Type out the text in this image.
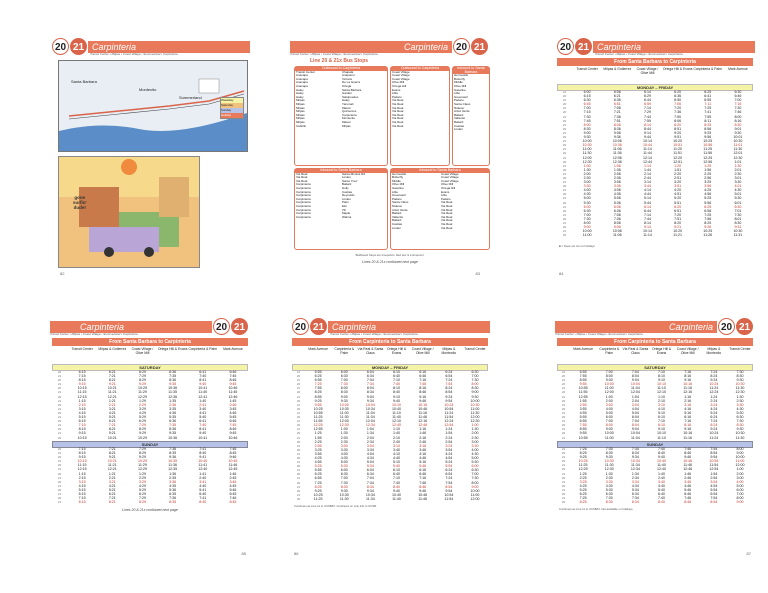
20 21 Carpinteria
Transit Center • Milpas • Coast Village • Summerland • Carpinteria
Santa Barbara
Montecito
Summerland	Weekday
Saturday
Sunday
Holiday
gone
surfin'
dude!
82
Carpinteria
Transit Center • Milpas • Coast Village • Summerland • Carpinteria
20 21
Line 20 & 21x Bus Stops
Outbound to Carpinteria
Transit Center
Anacapa
Anacapa
Anacapa
Anacapa
Haley
Haley
Haley
Milpas
Milpas
Milpas
Milpas
Milpas
Milpas
Milpas
Cabrillo
Chapala
Anapamu
Victoria
De La Guerra
Ortega
Santa Barbara
Garden
Salsipuedes
Haley
Yanonali
Mason
Quinientos
Carpinteria
Montecito
Mason
Milpas
Outbound to Carpinteria
Coast Village
Coast Village
Coast Village
Olive Mill
Ortega Hill
Evans
Lillie
Padaro
Via Real
Via Real
Via Real
Via Real
Via Real
Via Real
Via Real
Via Real
Inbound to Santa Barbara
Hermosillo
Butterfly
Middle
Olive Mill
Gasoline
Lillie
Greenwell
Padaro
Santa Claus
Nidever
Arbol Verde
Bailard
Vallecito
Bailard
Casitas
Linden
Inbound to Santa Barbara
Via Real
Via Real
Via Real
Carpinteria
Carpinteria
Carpinteria
Carpinteria
Carpinteria
Carpinteria
Carpinteria
Carpinteria
Carpinteria
Carpinteria
Santa Monica Rd
Linden
Santa Ynez
Bailard
Holly
Casitas
Reynolds
Linden
Palm
Elm
7th
Maple
Walnut
Inbound to Santa Barbara
Hermosillo
Butterfly
Middle
Olive Mill
Gasoline
Lillie
Greenwell
Padaro
Santa Claus
Nidever
Arbol Verde
Bailard
Vallecito
Bailard
Casitas
Linden
Coast Village
Coast Village
Coast Village
Olive Mill
Ortega Hill
Evans
Lillie
Padaro
Via Real
Via Real
Via Real
Via Real
Via Real
Via Real
Via Real
Via Real
Boldfaced Stops are timepoints. Red text is a timepoint.
Lines 20 & 21x continued next page
83
20 21 Carpinteria
Transit Center • Milpas • Coast Village • Summerland • Carpinteria
From Santa Barbara to Carpinteria
Transit Center	Milpas & Gutierrez	Coast Village / Olive Mill
Ortega Hill & Evans Carpinteria & Palm	Mark Avenue
MONDAY – FRIDAY
21	6:00	6:06	6:14	6:20	6:25	6:30
20	6:15	6:21	6:29	6:36	6:41	6:46
21	6:30	6:36	6:44	6:50	6:55	7:00
20	6:45	6:51	6:59	7:06	7:11	7:16
21	7:00	7:06	7:14	7:20	7:25	7:30
20	7:15	7:21	7:29	7:36	7:41	7:46
21	7:30	7:36	7:44	7:50	7:55	8:00
20	7:45	7:51	7:59	8:06	8:11	8:16
21	8:00	8:06	8:14	8:20	8:25	8:30
20	8:30	8:36	8:44	8:51	8:56	9:01
21	9:00	9:06	9:14	9:20	9:25	9:30
20	9:30	9:36	9:44	9:51	9:56	10:01
21	10:00	10:06	10:14	10:20	10:25	10:30
20	10:30	10:36	10:44	10:51	10:56	11:01
21	11:00	11:06	11:14	11:20	11:25	11:30
20	11:30	11:36	11:44	11:51	11:56	12:01
21	12:00	12:06	12:14	12:20	12:25	12:30
20	12:30	12:36	12:44	12:51	12:56	1:01
21	1:00	1:06	1:14	1:20	1:25	1:30
20	1:30	1:36	1:44	1:51	1:56	2:01
21	2:00	2:06	2:14	2:20	2:25	2:30
20	2:30	2:36	2:44	2:51	2:56	3:01
21	3:00	3:06	3:14	3:20	3:25	3:30
20	3:30	3:36	3:44	3:51	3:56	4:01
21	4:00	4:06	4:14	4:20	4:25	4:30
20	4:30	4:36	4:44	4:51	4:56	5:01
21	5:00	5:06	5:14	5:20	5:25	5:30
20	5:30	5:36	5:44	5:51	5:56	6:01
21	6:00	6:06	6:14	6:20	6:25	6:30
20	6:30	6:36	6:44	6:51	6:56	7:01
21	7:00	7:06	7:14	7:20	7:25	7:30
20	7:30	7:36	7:44	7:51	7:56	8:01
21	8:00	8:06	8:14	8:20	8:25	8:30
20	9:00	9:06	9:14	9:21	9:26	9:31
21	10:00	10:06	10:14	10:20	10:25	10:30
20	11:00	11:06	11:14	11:21	11:26	11:31
■ = Does not run on holidays
84
Carpinteria
Transit Center • Milpas • Coast Village • Summerland • Carpinteria
20 21
From Santa Barbara to Carpinteria
Transit Center	Milpas & Gutierrez	Coast Village / Olive Mill
Ortega Hill & Evans Carpinteria & Palm	Mark Avenue
SATURDAY
20	6:15	6:21	6:29	6:36	6:41	6:46
21	7:15	7:21	7:29	7:35	7:40	7:45
20	8:15	8:21	8:29	8:36	8:41	8:46
21	9:15	9:21	9:29	9:35	9:40	9:45
20	10:15	10:21	10:29	10:36	10:41	10:46
21	11:15	11:21	11:29	11:35	11:40	11:45
20	12:15	12:21	12:29	12:36	12:41	12:46
21	1:15	1:21	1:29	1:35	1:40	1:45
20	2:15	2:21	2:29	2:36	2:41	2:46
21	3:15	3:21	3:29	3:35	3:40	3:45
20	4:15	4:21	4:29	4:36	4:41	4:46
21	5:15	5:21	5:29	5:35	5:40	5:45
20	6:15	6:21	6:29	6:36	6:41	6:46
21	7:15	7:21	7:29	7:35	7:40	7:45
20	8:15	8:21	8:29	8:36	8:41	8:46
21	9:15	9:21	9:29	9:35	9:40	9:45
20	10:15	10:21	10:29	10:36	10:41	10:46
SUNDAY
20	7:15	7:21	7:29	7:36	7:41	7:46
21	8:15	8:21	8:29	8:35	8:40	8:45
20	9:15	9:21	9:29	9:36	9:41	9:46
21	10:15	10:21	10:29	10:35	10:40	10:45
20	11:15	11:21	11:29	11:36	11:41	11:46
21	12:15	12:21	12:29	12:35	12:40	12:45
20	1:15	1:21	1:29	1:36	1:41	1:46
21	2:15	2:21	2:29	2:35	2:40	2:45
20	3:15	3:21	3:29	3:36	3:41	3:46
21	4:15	4:21	4:29	4:35	4:40	4:45
20	5:15	5:21	5:29	5:36	5:41	5:46
21	6:15	6:21	6:29	6:35	6:40	6:45
20	7:15	7:21	7:29	7:36	7:41	7:46
21	8:15	8:21	8:29	8:35	8:40	8:45
Lines 20 & 21x continued next page
85
20 21 Carpinteria
Transit Center • Milpas • Coast Village • Summerland • Carpinteria
From Carpinteria to Santa Barbara
Mark Avenue	Carpinteria & Palm
Via Real & Santa Claus
Ortega Hill & Evans
Coast Village / Olive Mill
Milpas & Montecito
Transit Center
MONDAY – FRIDAY
21	5:55	6:00	6:04	6:10	6:16	6:24	6:30
20	6:25	6:30	6:34	6:40	6:46	6:54	7:00
21	6:55	7:00	7:04	7:10	7:16	7:24	7:30
20	7:25	7:30	7:34	7:40	7:46	7:54	8:00
21	7:55	8:00	8:04	8:10	8:16	8:24	8:30
20	8:25	8:30	8:34	8:40	8:46	8:54	9:00
21	8:55	9:00	9:04	9:10	9:16	9:24	9:30
20	9:25	9:30	9:34	9:40	9:46	9:54	10:00
21	9:55	10:00	10:04	10:10	10:16	10:24	10:30
20	10:25	10:30	10:34	10:40	10:46	10:54	11:00
21	10:55	11:00	11:04	11:10	11:16	11:24	11:30
20	11:25	11:30	11:34	11:40	11:46	11:54	12:00
21	11:55	12:00	12:04	12:10	12:16	12:24	12:30
20	12:25	12:30	12:34	12:40	12:46	12:54	1:00
21	12:55	1:00	1:04	1:10	1:16	1:24	1:30
20	1:25	1:30	1:34	1:40	1:46	1:54	2:00
21	1:55	2:00	2:04	2:10	2:16	2:24	2:30
20	2:25	2:30	2:34	2:40	2:46	2:54	3:00
21	2:55	3:00	3:04	3:10	3:16	3:24	3:30
20	3:25	3:30	3:34	3:40	3:46	3:54	4:00
21	3:55	4:00	4:04	4:10	4:16	4:24	4:30
20	4:25	4:30	4:34	4:40	4:46	4:54	5:00
21	4:55	5:00	5:04	5:10	5:16	5:24	5:30
20	5:25	5:30	5:34	5:40	5:46	5:54	6:00
21	5:55	6:00	6:04	6:10	6:16	6:24	6:30
20	6:25	6:30	6:34	6:40	6:46	6:54	7:00
21	6:55	7:00	7:04	7:10	7:16	7:24	7:30
20	7:25	7:30	7:34	7:40	7:46	7:54	8:00
21	8:25	8:30	8:34	8:40	8:46	8:54	9:00
20	9:25	9:30	9:34	9:40	9:46	9:54	10:00
21	10:25	10:30	10:34	10:40	10:46	10:54	11:00
20	11:25	11:30	11:34	11:40	11:46	11:54	12:00
Continues as Line 11 to UCSB/IV. Continues on Line 24x to UCSB.
86
Carpinteria
Transit Center • Milpas • Coast Village • Summerland • Carpinteria
20 21
From Carpinteria to Santa Barbara
Mark Avenue	Carpinteria & Palm
Via Real & Santa Claus
Ortega Hill & Evans
Coast Village / Olive Mill
Milpas & Montecito
Transit Center
SATURDAY
21	6:55	7:00	7:04	7:10	7:16	7:24	7:30
20	7:55	8:00	8:04	8:10	8:16	8:24	8:30
21	8:55	9:00	9:04	9:10	9:16	9:24	9:30
20	9:55	10:00	10:04	10:10	10:16	10:24	10:30
21	10:55	11:00	11:04	11:10	11:16	11:24	11:30
20	11:55	12:00	12:04	12:10	12:16	12:24	12:30
21	12:55	1:00	1:04	1:10	1:16	1:24	1:30
20	1:55	2:00	2:04	2:10	2:16	2:24	2:30
21	2:55	3:00	3:04	3:10	3:16	3:24	3:30
20	3:55	4:00	4:04	4:10	4:16	4:24	4:30
21	4:55	5:00	5:04	5:10	5:16	5:24	5:30
20	5:55	6:00	6:04	6:10	6:16	6:24	6:30
21	6:55	7:00	7:04	7:10	7:16	7:24	7:30
20	7:55	8:00	8:04	8:10	8:16	8:24	8:30
21	8:55	9:00	9:04	9:10	9:16	9:24	9:30
20	9:55	10:00	10:04	10:10	10:16	10:24	10:30
21	10:55	11:00	11:04	11:10	11:16	11:24	11:30
SUNDAY
21	7:25	7:30	7:34	7:40	7:46	7:54	8:00
20	8:25	8:30	8:34	8:40	8:46	8:54	9:00
21	9:25	9:30	9:34	9:40	9:46	9:54	10:00
20	10:25	10:30	10:34	10:40	10:46	10:54	11:00
21	11:25	11:30	11:34	11:40	11:46	11:54	12:00
20	12:25	12:30	12:34	12:40	12:46	12:54	1:00
21	1:25	1:30	1:34	1:40	1:46	1:54	2:00
20	2:25	2:30	2:34	2:40	2:46	2:54	3:00
21	3:25	3:30	3:34	3:40	3:46	3:54	4:00
20	4:25	4:30	4:34	4:40	4:46	4:54	5:00
21	5:25	5:30	5:34	5:40	5:46	5:54	6:00
20	6:25	6:30	6:34	6:40	6:46	6:54	7:00
21	7:25	7:30	7:34	7:40	7:46	7:54	8:00
20	8:25	8:30	8:34	8:40	8:46	8:54	9:00
Continues as Line 11 to UCSB/IV. Not available on holidays.
87
